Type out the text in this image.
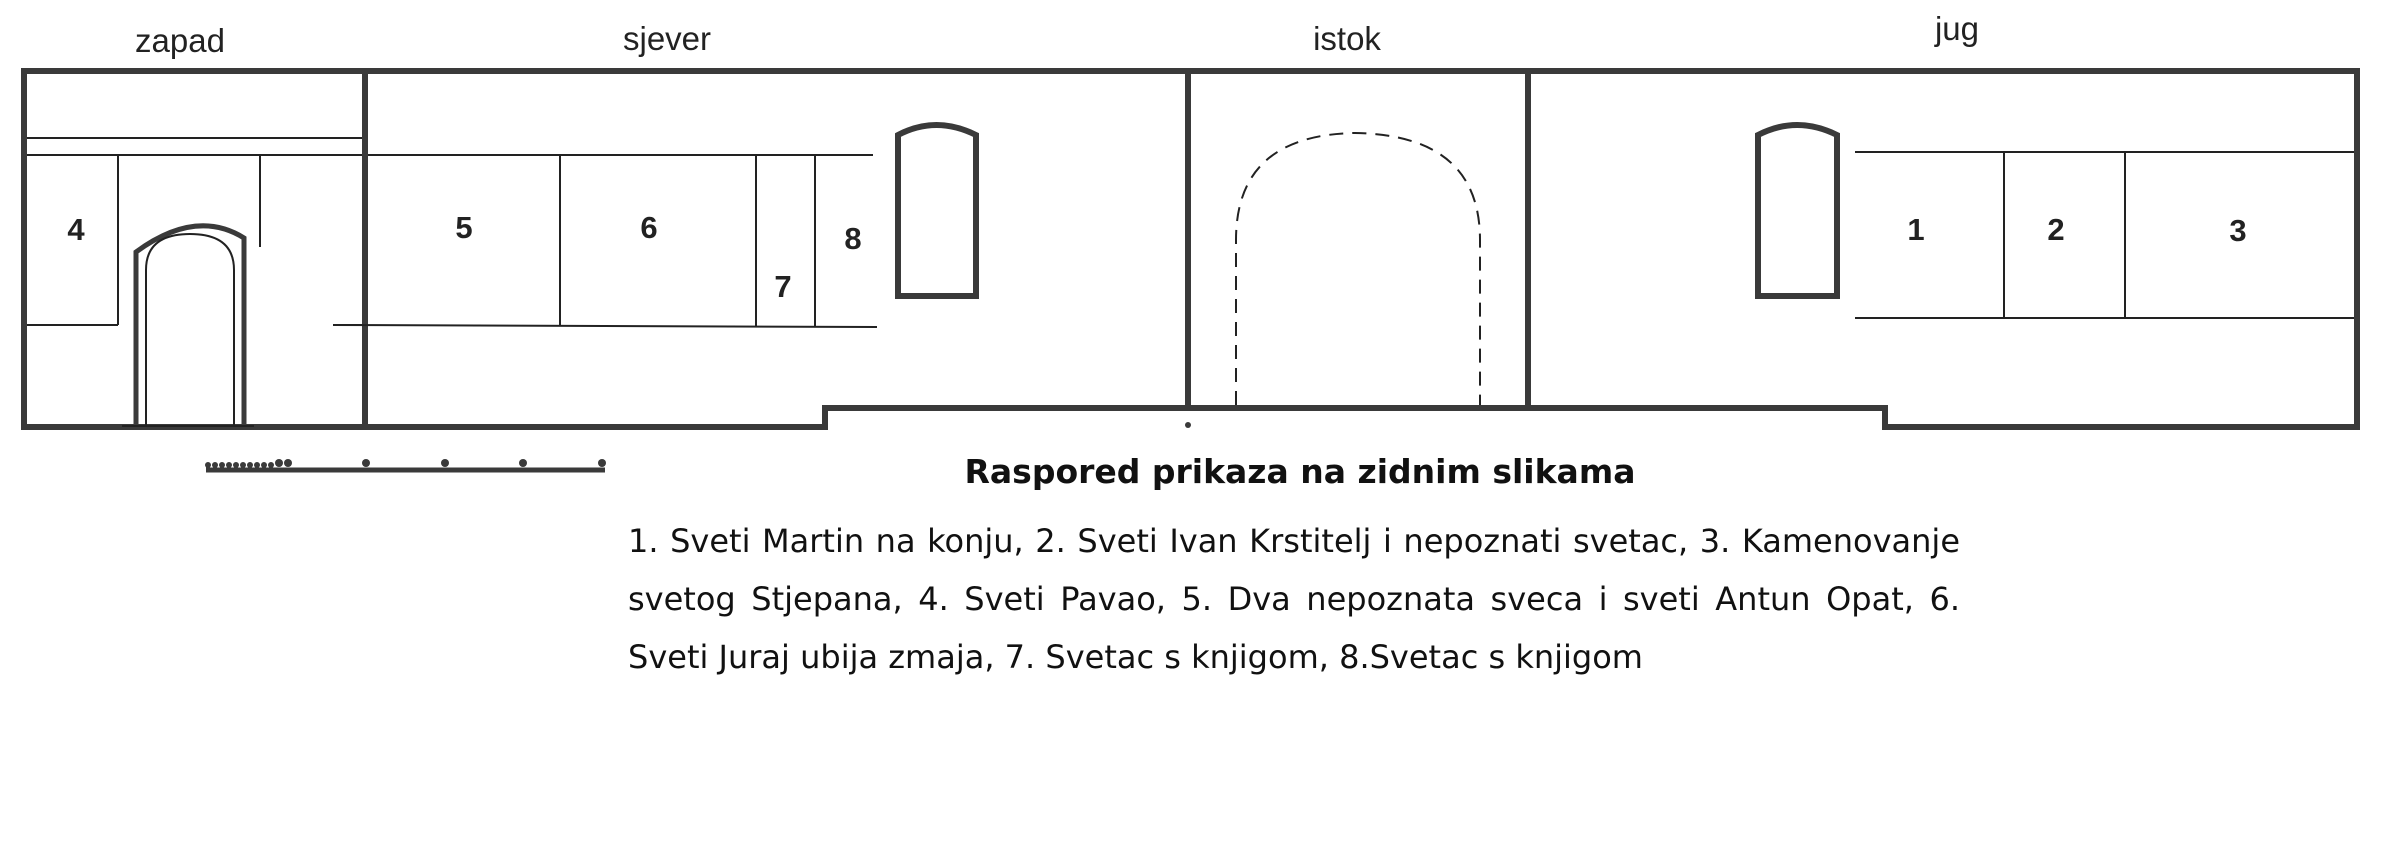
zapad	sjever	istok	jug
1	2	3
4	5	6
7
8
Raspored prikaza na zidnim slikama
1. Sveti Martin na konju, 2. Sveti Ivan Krstitelj i nepoznati svetac, 3. Kamenovanje svetog Stjepana, 4. Sveti Pavao, 5. Dva nepoznata sveca i sveti Antun Opat, 6. Sveti Juraj ubija zmaja, 7. Svetac s knjigom, 8.Svetac s knjigom
